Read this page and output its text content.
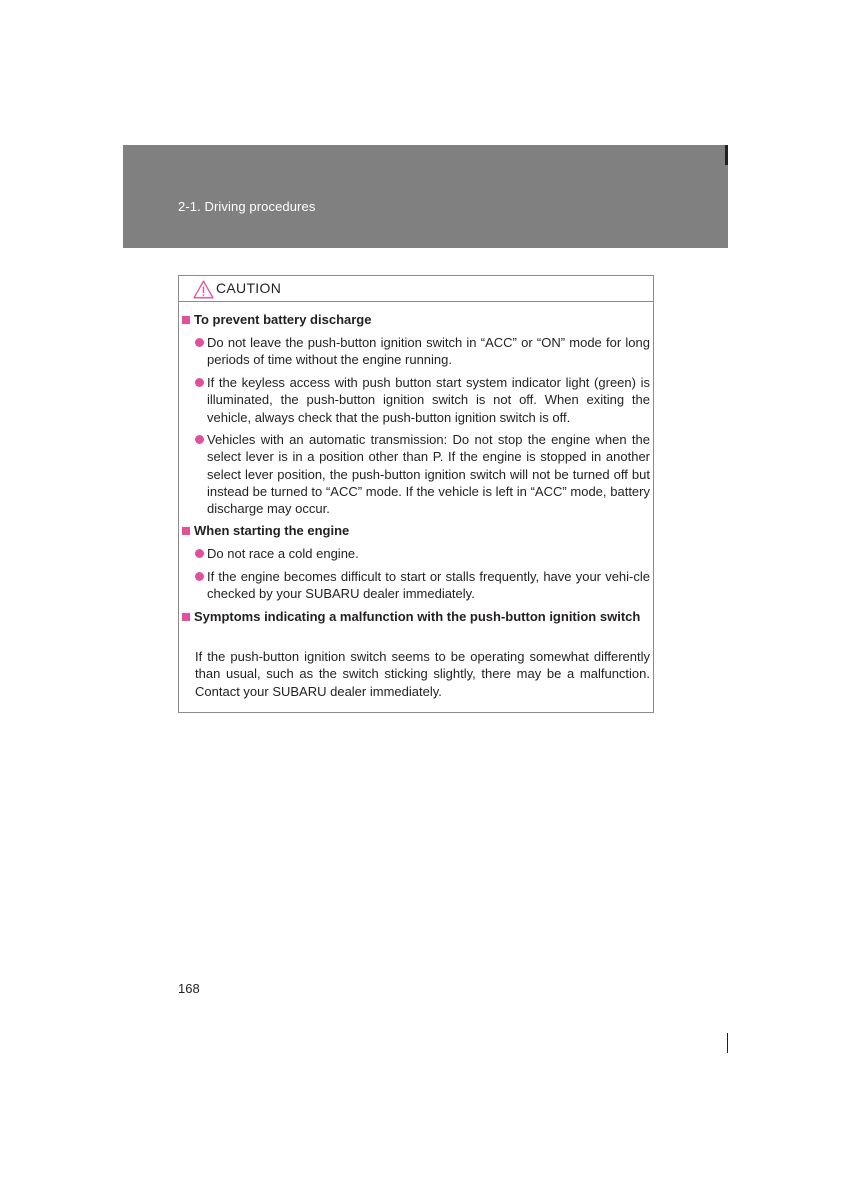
2-1. Driving procedures
CAUTION
To prevent battery discharge
Do not leave the push-button ignition switch in “ACC” or “ON” mode for long periods of time without the engine running.
If the keyless access with push button start system indicator light (green) is illuminated, the push-button ignition switch is not off. When exiting the vehicle, always check that the push-button ignition switch is off.
Vehicles with an automatic transmission: Do not stop the engine when the select lever is in a position other than P. If the engine is stopped in another select lever position, the push-button ignition switch will not be turned off but instead be turned to “ACC” mode. If the vehicle is left in “ACC” mode, battery discharge may occur.
When starting the engine
Do not race a cold engine.
If the engine becomes difficult to start or stalls frequently, have your vehi-cle checked by your SUBARU dealer immediately.
Symptoms indicating a malfunction with the push-button ignition switch
If the push-button ignition switch seems to be operating somewhat differently than usual, such as the switch sticking slightly, there may be a malfunction. Contact your SUBARU dealer immediately.
168
